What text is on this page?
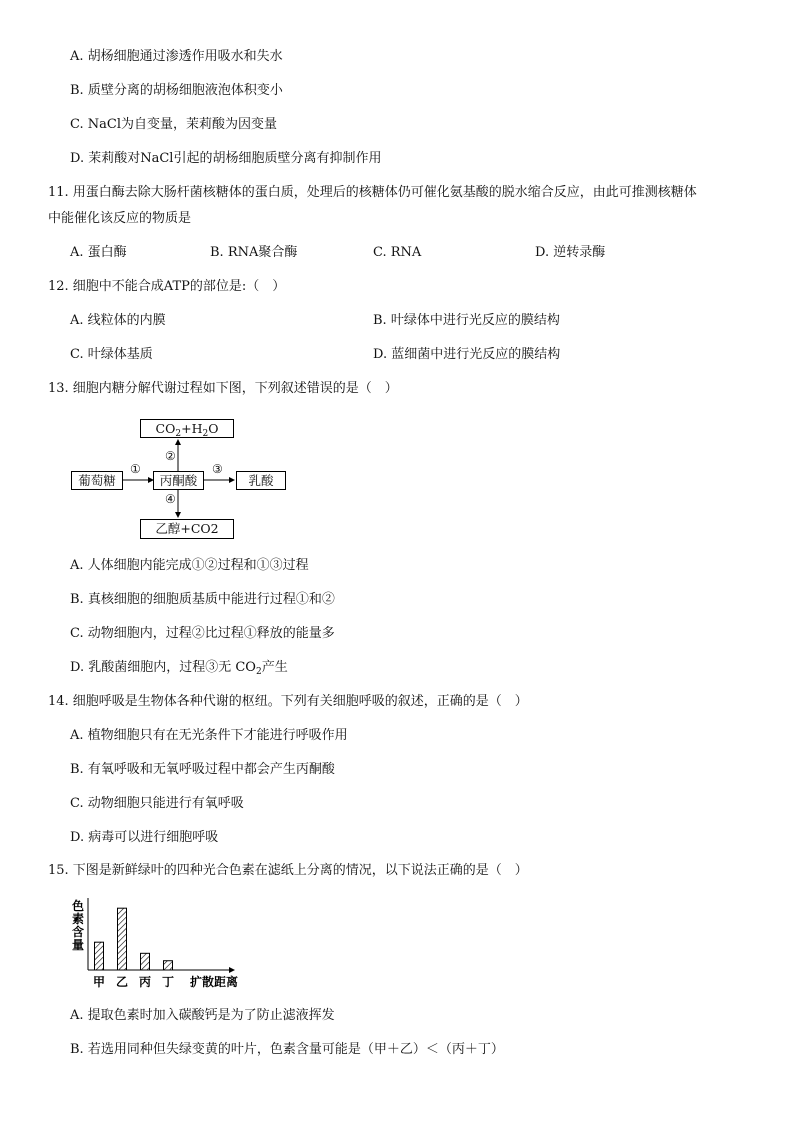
A. 胡杨细胞通过渗透作用吸水和失水
B. 质壁分离的胡杨细胞液泡体积变小
C. NaCl为自变量，茉莉酸为因变量
D. 茉莉酸对NaCl引起的胡杨细胞质壁分离有抑制作用
11. 用蛋白酶去除大肠杆菌核糖体的蛋白质，处理后的核糖体仍可催化氨基酸的脱水缩合反应，由此可推测核糖体
中能催化该反应的物质是
A. 蛋白酶	B. RNA聚合酶	C. RNA	D. 逆转录酶
12. 细胞中不能合成ATP的部位是:（　）
A. 线粒体的内膜	B. 叶绿体中进行光反应的膜结构
C. 叶绿体基质	D. 蓝细菌中进行光反应的膜结构
13. 细胞内糖分解代谢过程如下图，下列叙述错误的是（　）
$CO_2+H_2O$
葡萄糖	丙酮酸	乳酸
乙醇+CO2
①
②
③
④
A. 人体细胞内能完成①②过程和①③过程
B. 真核细胞的细胞质基质中能进行过程①和②
C. 动物细胞内，过程②比过程①释放的能量多
D. 乳酸菌细胞内，过程③无 $CO_2$产生
14. 细胞呼吸是生物体各种代谢的枢纽。下列有关细胞呼吸的叙述，正确的是（　）
A. 植物细胞只有在无光条件下才能进行呼吸作用
B. 有氧呼吸和无氧呼吸过程中都会产生丙酮酸
C. 动物细胞只能进行有氧呼吸
D. 病毒可以进行细胞呼吸
15. 下图是新鲜绿叶的四种光合色素在滤纸上分离的情况，以下说法正确的是（　）
色
素
含
量
甲 乙 丙 丁 扩散距离
A. 提取色素时加入碳酸钙是为了防止滤液挥发
B. 若选用同种但失绿变黄的叶片，色素含量可能是（甲＋乙）＜（丙＋丁）
